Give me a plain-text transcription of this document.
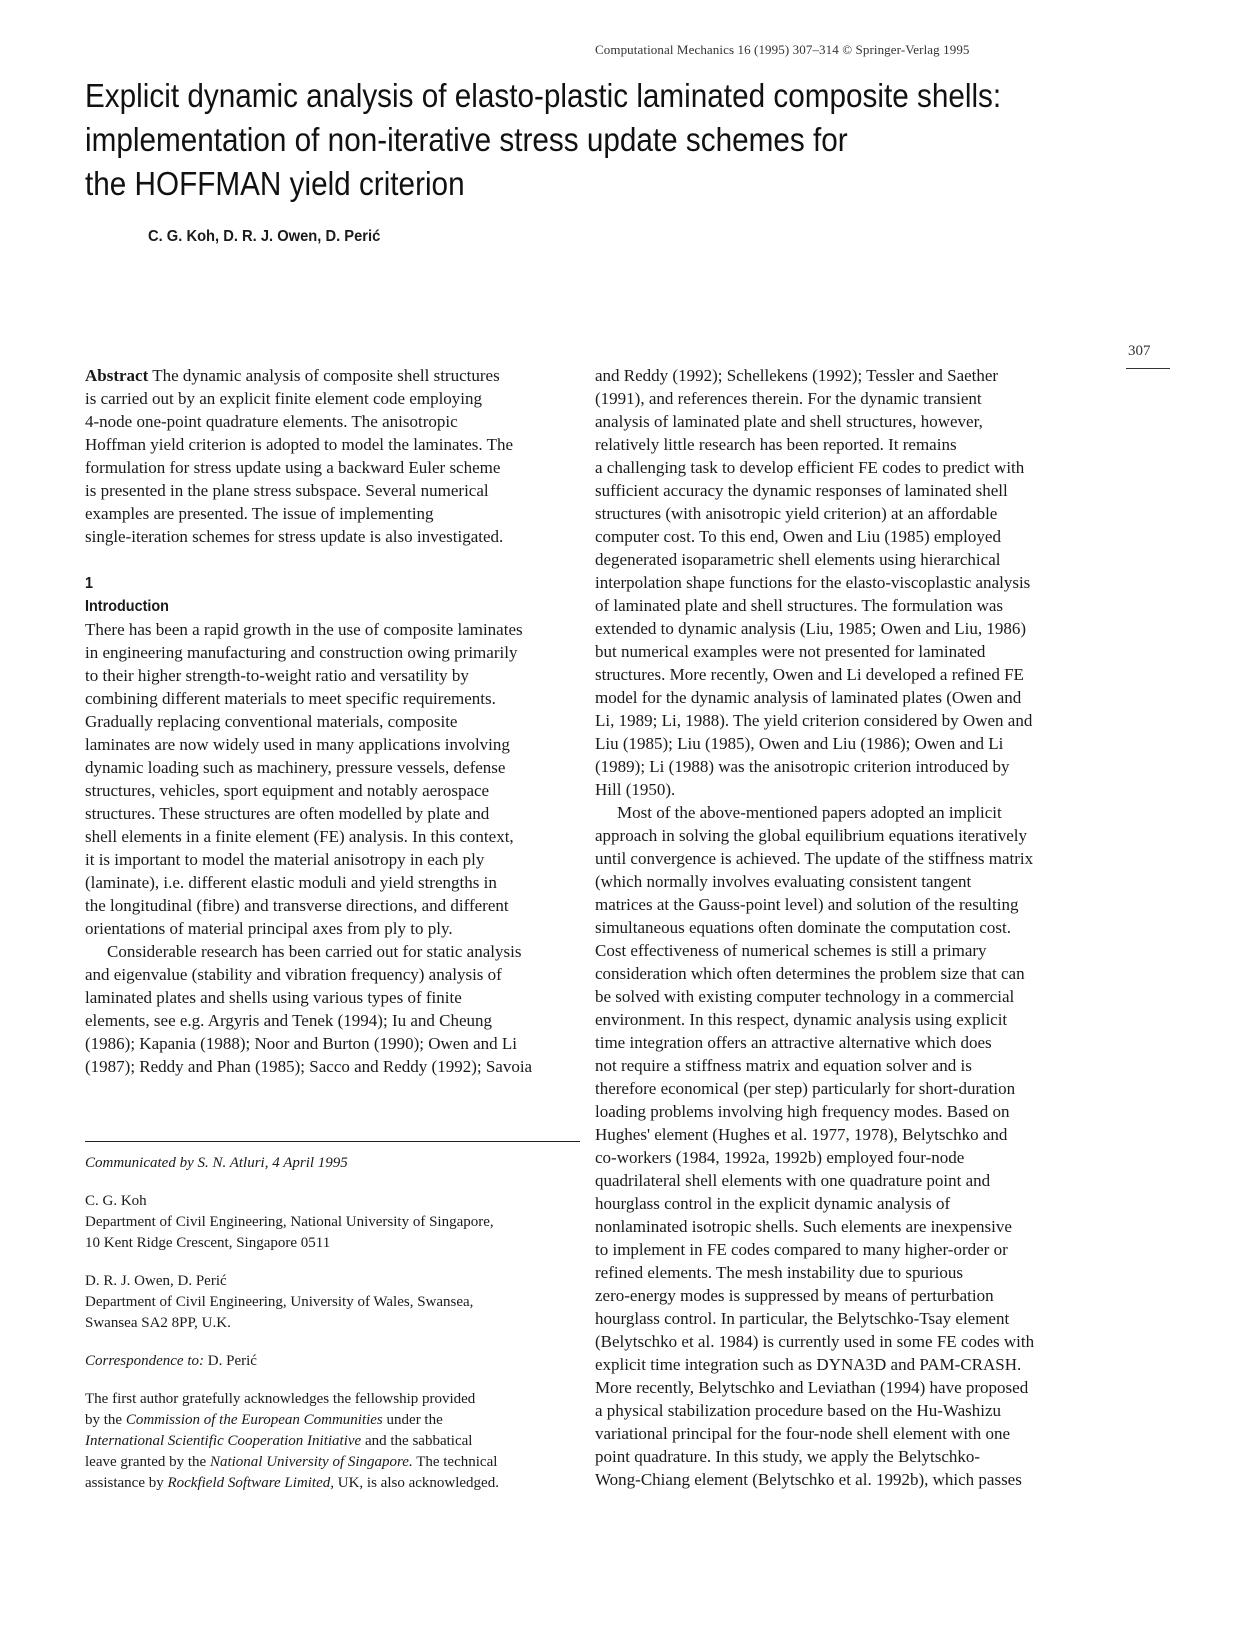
Computational Mechanics 16 (1995) 307–314 © Springer-Verlag 1995
Explicit dynamic analysis of elasto-plastic laminated composite shells:
implementation of non-iterative stress update schemes for
the HOFFMAN yield criterion
C. G. Koh, D. R. J. Owen, D. Perić
307
Abstract The dynamic analysis of composite shell structures
is carried out by an explicit finite element code employing
4-node one-point quadrature elements. The anisotropic
Hoffman yield criterion is adopted to model the laminates. The
formulation for stress update using a backward Euler scheme
is presented in the plane stress subspace. Several numerical
examples are presented. The issue of implementing
single-iteration schemes for stress update is also investigated.
1
Introduction
There has been a rapid growth in the use of composite laminates
in engineering manufacturing and construction owing primarily
to their higher strength-to-weight ratio and versatility by
combining different materials to meet specific requirements.
Gradually replacing conventional materials, composite
laminates are now widely used in many applications involving
dynamic loading such as machinery, pressure vessels, defense
structures, vehicles, sport equipment and notably aerospace
structures. These structures are often modelled by plate and
shell elements in a finite element (FE) analysis. In this context,
it is important to model the material anisotropy in each ply
(laminate), i.e. different elastic moduli and yield strengths in
the longitudinal (fibre) and transverse directions, and different
orientations of material principal axes from ply to ply.
Considerable research has been carried out for static analysis
and eigenvalue (stability and vibration frequency) analysis of
laminated plates and shells using various types of finite
elements, see e.g. Argyris and Tenek (1994); Iu and Cheung
(1986); Kapania (1988); Noor and Burton (1990); Owen and Li
(1987); Reddy and Phan (1985); Sacco and Reddy (1992); Savoia
and Reddy (1992); Schellekens (1992); Tessler and Saether
(1991), and references therein. For the dynamic transient
analysis of laminated plate and shell structures, however,
relatively little research has been reported. It remains
a challenging task to develop efficient FE codes to predict with
sufficient accuracy the dynamic responses of laminated shell
structures (with anisotropic yield criterion) at an affordable
computer cost. To this end, Owen and Liu (1985) employed
degenerated isoparametric shell elements using hierarchical
interpolation shape functions for the elasto-viscoplastic analysis
of laminated plate and shell structures. The formulation was
extended to dynamic analysis (Liu, 1985; Owen and Liu, 1986)
but numerical examples were not presented for laminated
structures. More recently, Owen and Li developed a refined FE
model for the dynamic analysis of laminated plates (Owen and
Li, 1989; Li, 1988). The yield criterion considered by Owen and
Liu (1985); Liu (1985), Owen and Liu (1986); Owen and Li
(1989); Li (1988) was the anisotropic criterion introduced by
Hill (1950).
Most of the above-mentioned papers adopted an implicit
approach in solving the global equilibrium equations iteratively
until convergence is achieved. The update of the stiffness matrix
(which normally involves evaluating consistent tangent
matrices at the Gauss-point level) and solution of the resulting
simultaneous equations often dominate the computation cost.
Cost effectiveness of numerical schemes is still a primary
consideration which often determines the problem size that can
be solved with existing computer technology in a commercial
environment. In this respect, dynamic analysis using explicit
time integration offers an attractive alternative which does
not require a stiffness matrix and equation solver and is
therefore economical (per step) particularly for short-duration
loading problems involving high frequency modes. Based on
Hughes' element (Hughes et al. 1977, 1978), Belytschko and
co-workers (1984, 1992a, 1992b) employed four-node
quadrilateral shell elements with one quadrature point and
hourglass control in the explicit dynamic analysis of
nonlaminated isotropic shells. Such elements are inexpensive
to implement in FE codes compared to many higher-order or
refined elements. The mesh instability due to spurious
zero-energy modes is suppressed by means of perturbation
hourglass control. In particular, the Belytschko-Tsay element
(Belytschko et al. 1984) is currently used in some FE codes with
explicit time integration such as DYNA3D and PAM-CRASH.
More recently, Belytschko and Leviathan (1994) have proposed
a physical stabilization procedure based on the Hu-Washizu
variational principal for the four-node shell element with one
point quadrature. In this study, we apply the Belytschko-
Wong-Chiang element (Belytschko et al. 1992b), which passes
Communicated by S. N. Atluri, 4 April 1995
C. G. Koh
Department of Civil Engineering, National University of Singapore,
10 Kent Ridge Crescent, Singapore 0511
D. R. J. Owen, D. Perić
Department of Civil Engineering, University of Wales, Swansea,
Swansea SA2 8PP, U.K.
Correspondence to: D. Perić
The first author gratefully acknowledges the fellowship provided
by the Commission of the European Communities under the
International Scientific Cooperation Initiative and the sabbatical
leave granted by the National University of Singapore. The technical
assistance by Rockfield Software Limited, UK, is also acknowledged.
